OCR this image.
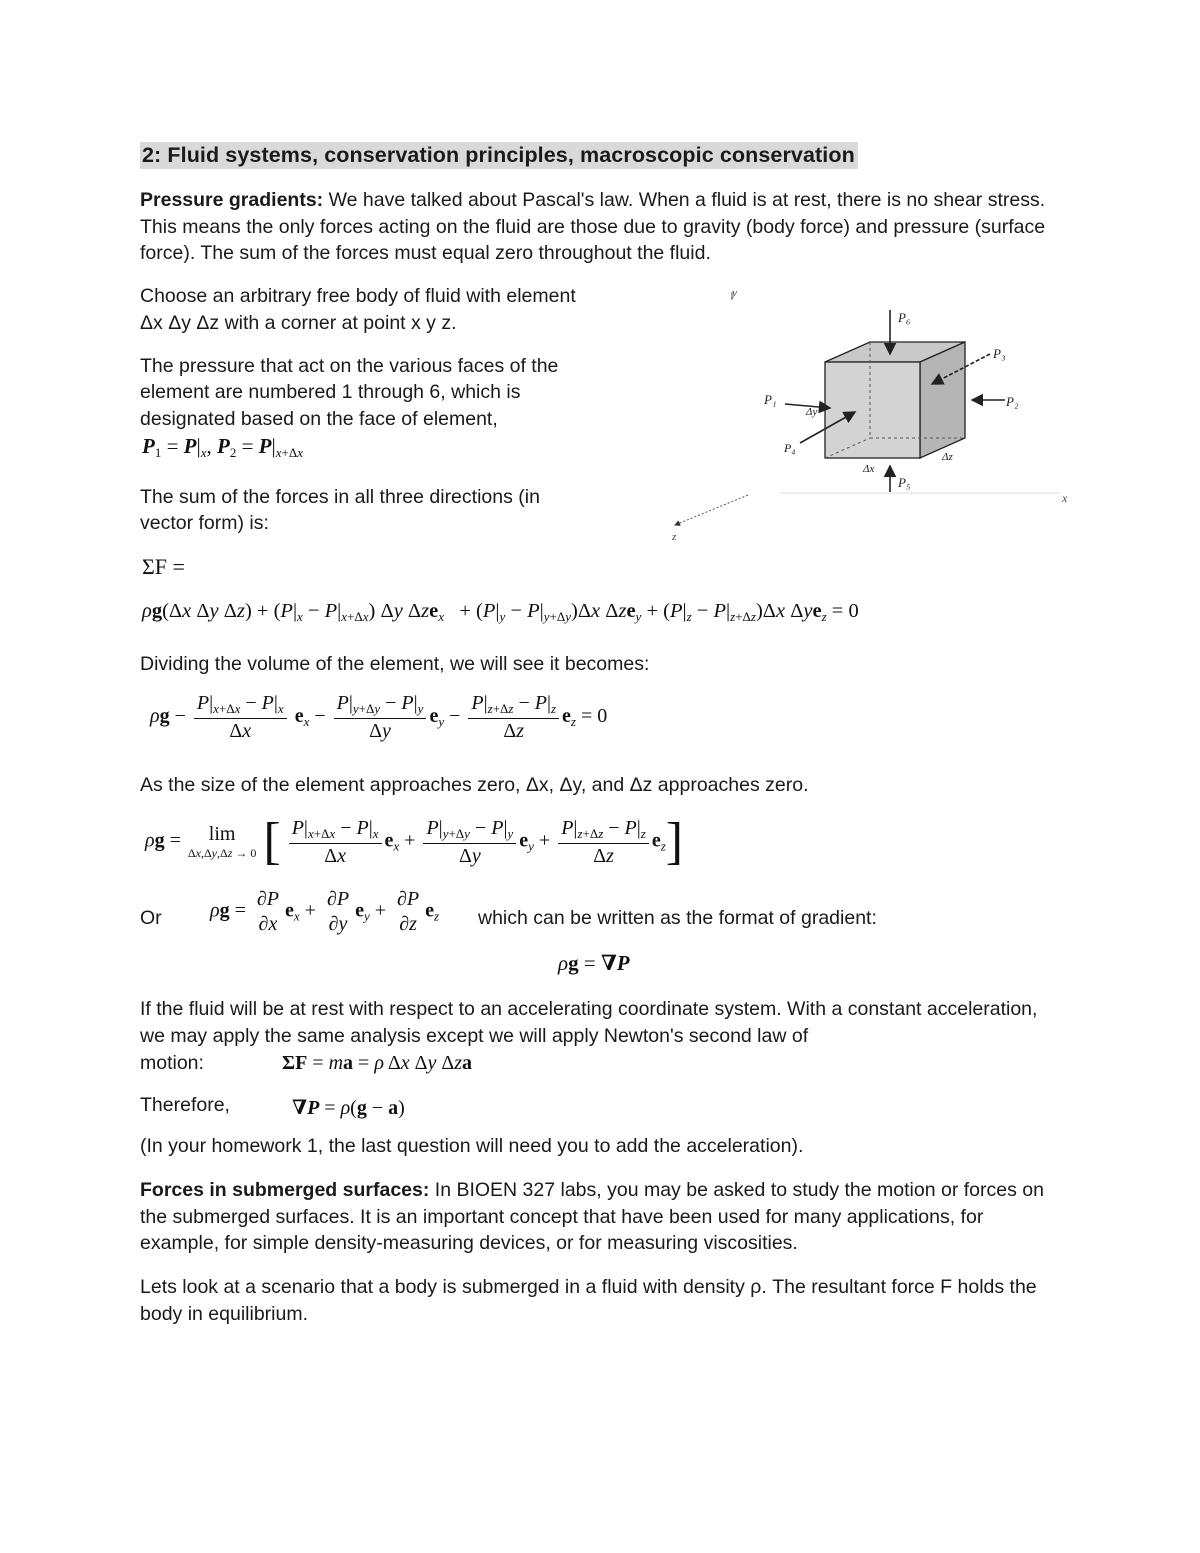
2: Fluid systems, conservation principles, macroscopic conservation

Pressure gradients: We have talked about Pascal's law. When a fluid is at rest, there is no shear stress. This means the only forces acting on the fluid are those due to gravity (body force) and pressure (surface force). The sum of the forces must equal zero throughout the fluid.

Choose an arbitrary free body of fluid with element

Δx Δy Δz with a corner at point x y z.

The pressure that act on the various faces of the

element are numbered 1 through 6, which is

designated based on the face of element,

$P_1 = P|_x$, $P_2 = P|_{x+\Delta x}$

The sum of the forces in all three directions (in

vector form) is:

ΣF =
ρg(Δx Δy $\Delta z) + (P|_x - P|_{x+\Delta x})$ Δy $\Delta ze_x + (P|_y - P|_{y+\Delta y})\Delta x$ $\Delta ze_y + (P|_z - P|_{z+\Delta z})\Delta x$ Δye$_z$ = 0

Dividing the volume of the element, we will see it becomes:

$\rho g - \frac{P|_{x+\Delta x} - P|_x}{\Delta x} e_x - \frac{P|_{y+\Delta y} - P|_y}{\Delta y} e_y - \frac{P|_{z+\Delta z} - P|_z}{\Delta z} e_z = 0$

As the size of the element approaches zero, Δx, Δy, and Δz approaches zero.

ρg =	lim
Δx,Δy,Δz → 0 [ $\frac{P|_{x+\Delta x} - P|_x}{\Delta x} e_x + \frac{P|_{y+\Delta y} - P|_y}{\Delta y} e_y + \frac{P|_{z+\Delta z} - P|_z}{\Delta z} e_z$]

Or ρg =
∂P
∂x
$e_x$ +
∂P
∂y
$e_y$ +
∂P
∂z
$e_z$ which can be written as the format of gradient:

ρg = ∇P

If the fluid will be at rest with respect to an accelerating coordinate system. With a constant acceleration, we may apply the same analysis except we will apply Newton's second law of

motion:	ΣF = ma = ρ Δx Δy Δza

Therefore,	∇P = ρ(g − a)

(In your homework 1, the last question will need you to add the acceleration).

Forces in submerged surfaces: In BIOEN 327 labs, you may be asked to study the motion or forces on the submerged surfaces. It is an important concept that have been used for many applications, for example, for simple density-measuring devices, or for measuring viscosities.

Lets look at a scenario that a body is submerged in a fluid with density ρ. The resultant force F holds the body in equilibrium.

y
x
z
P₆
P₅
P₁	P₂
P₃
P₄
Δy
Δx
Δz
